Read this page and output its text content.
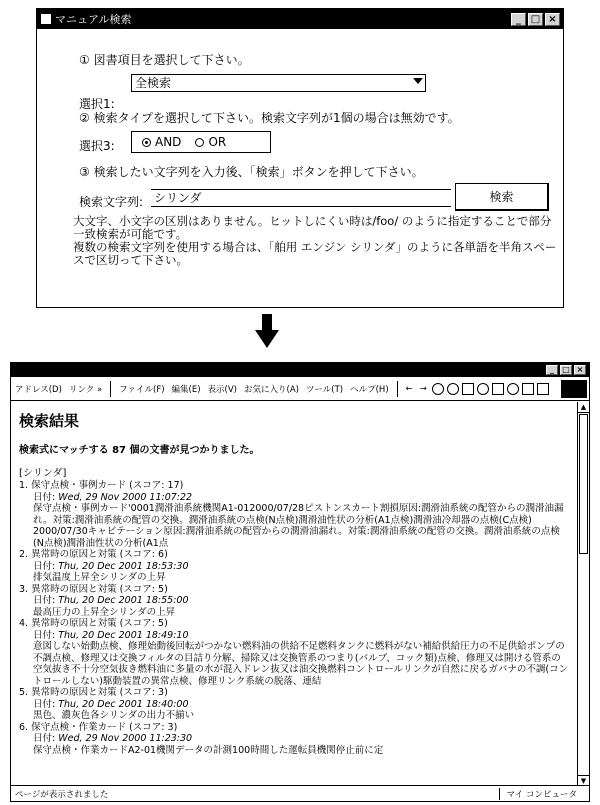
マニュアル検索	_ □ ×
① 図書項目を選択して下さい。
選択1:
全検索
② 検索タイプを選択して下さい。検索文字列が1個の場合は無効です。
選択3:	AND OR
③ 検索したい文字列を入力後、「検索」ボタンを押して下さい。
検索文字列: シリンダ	検索
大文字、小文字の区別はありません。ヒットしにくい時は/foo/ のように指定することで部分一致検索が可能です。
複数の検索文字列を使用する場合は、「舶用 エンジン シリンダ」のように各単語を半角スペースで区切って下さい。
_	□ ×
アドレス(D) リンク » ファイル(F) 編集(E) 表示(V) お気に入り(A) ツール(T) ヘルプ(H) ← →
検索結果
検索式にマッチする 87 個の文書が見つかりました。
[シリンダ]
1. 保守点検・事例カード (スコア: 17)
日付: Wed, 29 Nov 2000 11:07:22
保守点検・事例カード'0001潤滑油系統機関A1-012000/07/28ピストンスカート割損原因:潤滑油系統の配管からの潤滑油漏れ。対策:潤滑油系統の配管の交換。潤滑油系統の点検(N点検)潤滑油性状の分析(A1点検)潤滑油冷却器の点検(C点検) 2000/07/30キャビテーション原因:潤滑油系統の配管からの潤滑油漏れ。対策:潤滑油系統の配管の交換。潤滑油系統の点検(N点検)潤滑油性状の分析(A1点
2. 異常時の原因と対策 (スコア: 6)
日付: Thu, 20 Dec 2001 18:53:30
排気温度上昇全シリンダの上昇
3. 異常時の原因と対策 (スコア: 5)
日付: Thu, 20 Dec 2001 18:55:00
最高圧力の上昇全シリンダの上昇
4. 異常時の原因と対策 (スコア: 5)
日付: Thu, 20 Dec 2001 18:49:10
意図しない始動点検、修理始動後回転がつかない燃料油の供給不足燃料タンクに燃料がない補給供給圧力の不足供給ポンプの不調点検、修理又は交換フィルタの目詰り分解、掃除又は交換管系のつまり(バルブ、コック類)点検、修理又は開ける管系の空気抜き不十分空気抜き燃料油に多量の水が混入ドレン抜又は油交換燃料コントロールリンクが自然に戻るガバナの不調(コントロールしない)駆動装置の異常点検、修理リンク系統の脱落、連結
5. 異常時の原因と対策 (スコア: 3)
日付: Thu, 20 Dec 2001 18:40:00
黒色、濃灰色各シリンダの出力不揃い
6. 保守点検・作業カード (スコア: 3)
日付: Wed, 29 Nov 2000 11:23:30
保守点検・作業カードA2-01機関データの計測100時間した運転員機関停止前に定
▲
▼
ページが表示されました	マイ コンピュータ
